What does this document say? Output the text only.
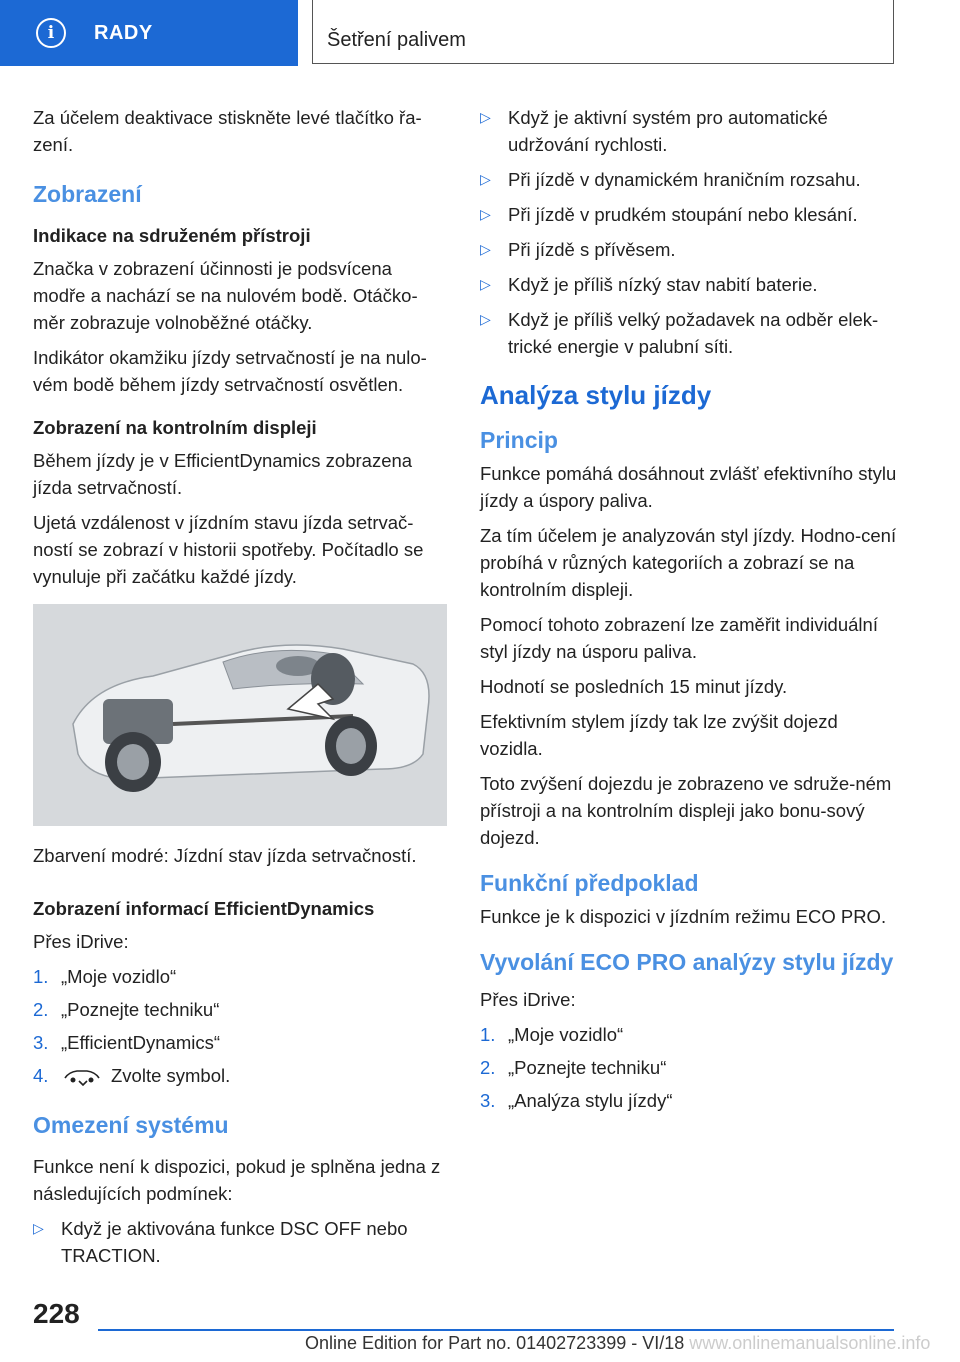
i	RADY	Šetření palivem

Za účelem deaktivace stiskněte levé tlačítko řa-zení.

Zobrazení
Indikace na sdruženém přístroji

Značka v zobrazení účinnosti je podsvícena modře a nachází se na nulovém bodě. Otáčko-měr zobrazuje volnoběžné otáčky.

Indikátor okamžiku jízdy setrvačností je na nulo-vém bodě během jízdy setrvačností osvětlen.

Zobrazení na kontrolním displeji

Během jízdy je v EfficientDynamics zobrazena jízda setrvačností.

Ujetá vzdálenost v jízdním stavu jízda setrvač-ností se zobrazí v historii spotřeby. Počítadlo se vynuluje při začátku každé jízdy.

Zbarvení modré: Jízdní stav jízda setrvačností.

Zobrazení informací EfficientDynamics

Přes iDrive:

1. „Moje vozidlo“
2. „Poznejte techniku“
3. „EfficientDynamics“
4.	Zvolte symbol.
Omezení systému

Funkce není k dispozici, pokud je splněna jedna z následujících podmínek:

▷ Když je aktivována funkce DSC OFF nebo TRACTION.
▷ Když je aktivní systém pro automatické udržování rychlosti.
▷ Při jízdě v dynamickém hraničním rozsahu.
▷ Při jízdě v prudkém stoupání nebo klesání.
▷ Při jízdě s přívěsem.
▷ Když je příliš nízký stav nabití baterie.
▷ Když je příliš velký požadavek na odběr elek-trické energie v palubní síti.
Analýza stylu jízdy
Princip

Funkce pomáhá dosáhnout zvlášť efektivního stylu jízdy a úspory paliva.

Za tím účelem je analyzován styl jízdy. Hodno-cení probíhá v různých kategoriích a zobrazí se na kontrolním displeji.

Pomocí tohoto zobrazení lze zaměřit individuální styl jízdy na úsporu paliva.

Hodnotí se posledních 15 minut jízdy.

Efektivním stylem jízdy tak lze zvýšit dojezd vozidla.

Toto zvýšení dojezdu je zobrazeno ve sdruže-ném přístroji a na kontrolním displeji jako bonu-sový dojezd.

Funkční předpoklad

Funkce je k dispozici v jízdním režimu ECO PRO.

Vyvolání ECO PRO analýzy stylu jízdy

Přes iDrive:

1. „Moje vozidlo“
2. „Poznejte techniku“
3. „Analýza stylu jízdy“
228
Online Edition for Part no. 01402723399 - VI/18 www.onlinemanualsonline.info
